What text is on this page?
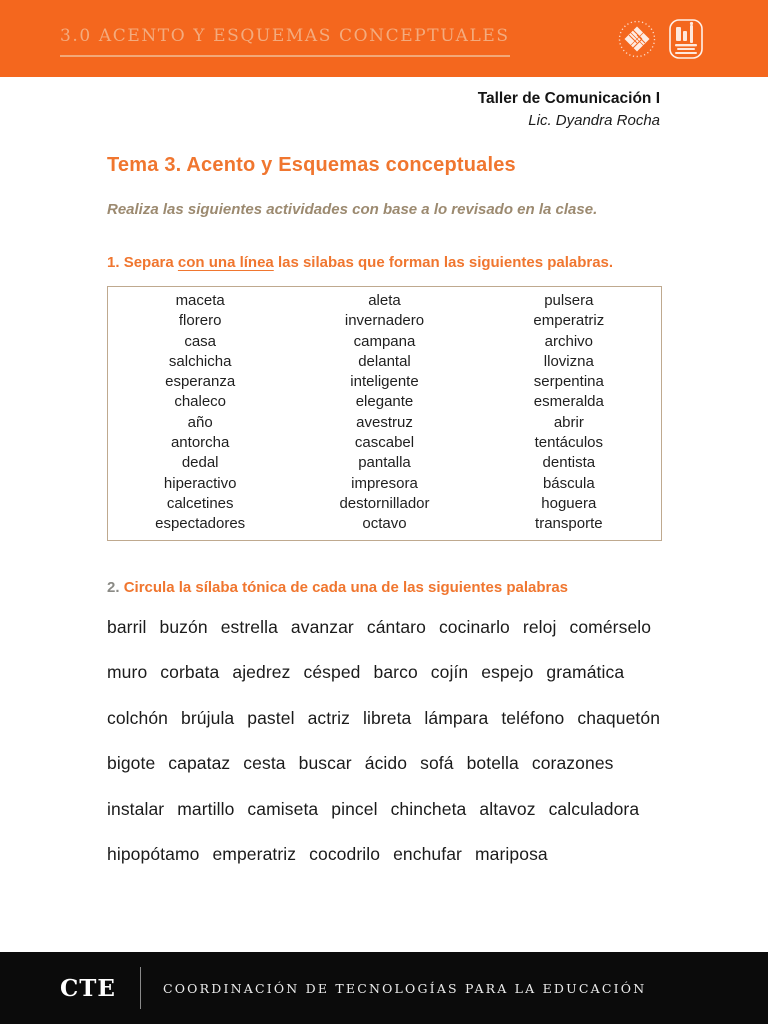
3.0 ACENTO Y ESQUEMAS CONCEPTUALES
Taller de Comunicación I
Lic. Dyandra Rocha
Tema 3. Acento y Esquemas conceptuales

Realiza las siguientes actividades con base a lo revisado en la clase.

1. Separa con una línea las silabas que forman las siguientes palabras.

maceta	aleta	pulsera
florero	invernadero	emperatriz
casa	campana	archivo
salchicha	delantal	llovizna
esperanza	inteligente	serpentina
chaleco	elegante	esmeralda
año	avestruz	abrir
antorcha	cascabel	tentáculos
dedal	pantalla	dentista
hiperactivo	impresora	báscula
calcetines	destornillador	hoguera
espectadores	octavo	transporte

2. Circula la sílaba tónica de cada una de las siguientes palabras

barril buzón estrella avanzar cántaro cocinarlo reloj comérselo
muro corbata ajedrez césped barco cojín espejo gramática
colchón brújula pastel actriz libreta lámpara teléfono chaquetón
bigote capataz cesta buscar ácido sofá botella corazones
instalar martillo camiseta pincel chincheta altavoz calculadora
hipopótamo emperatriz cocodrilo enchufar mariposa
CTE	COORDINACIÓN DE TECNOLOGÍAS PARA LA EDUCACIÓN
